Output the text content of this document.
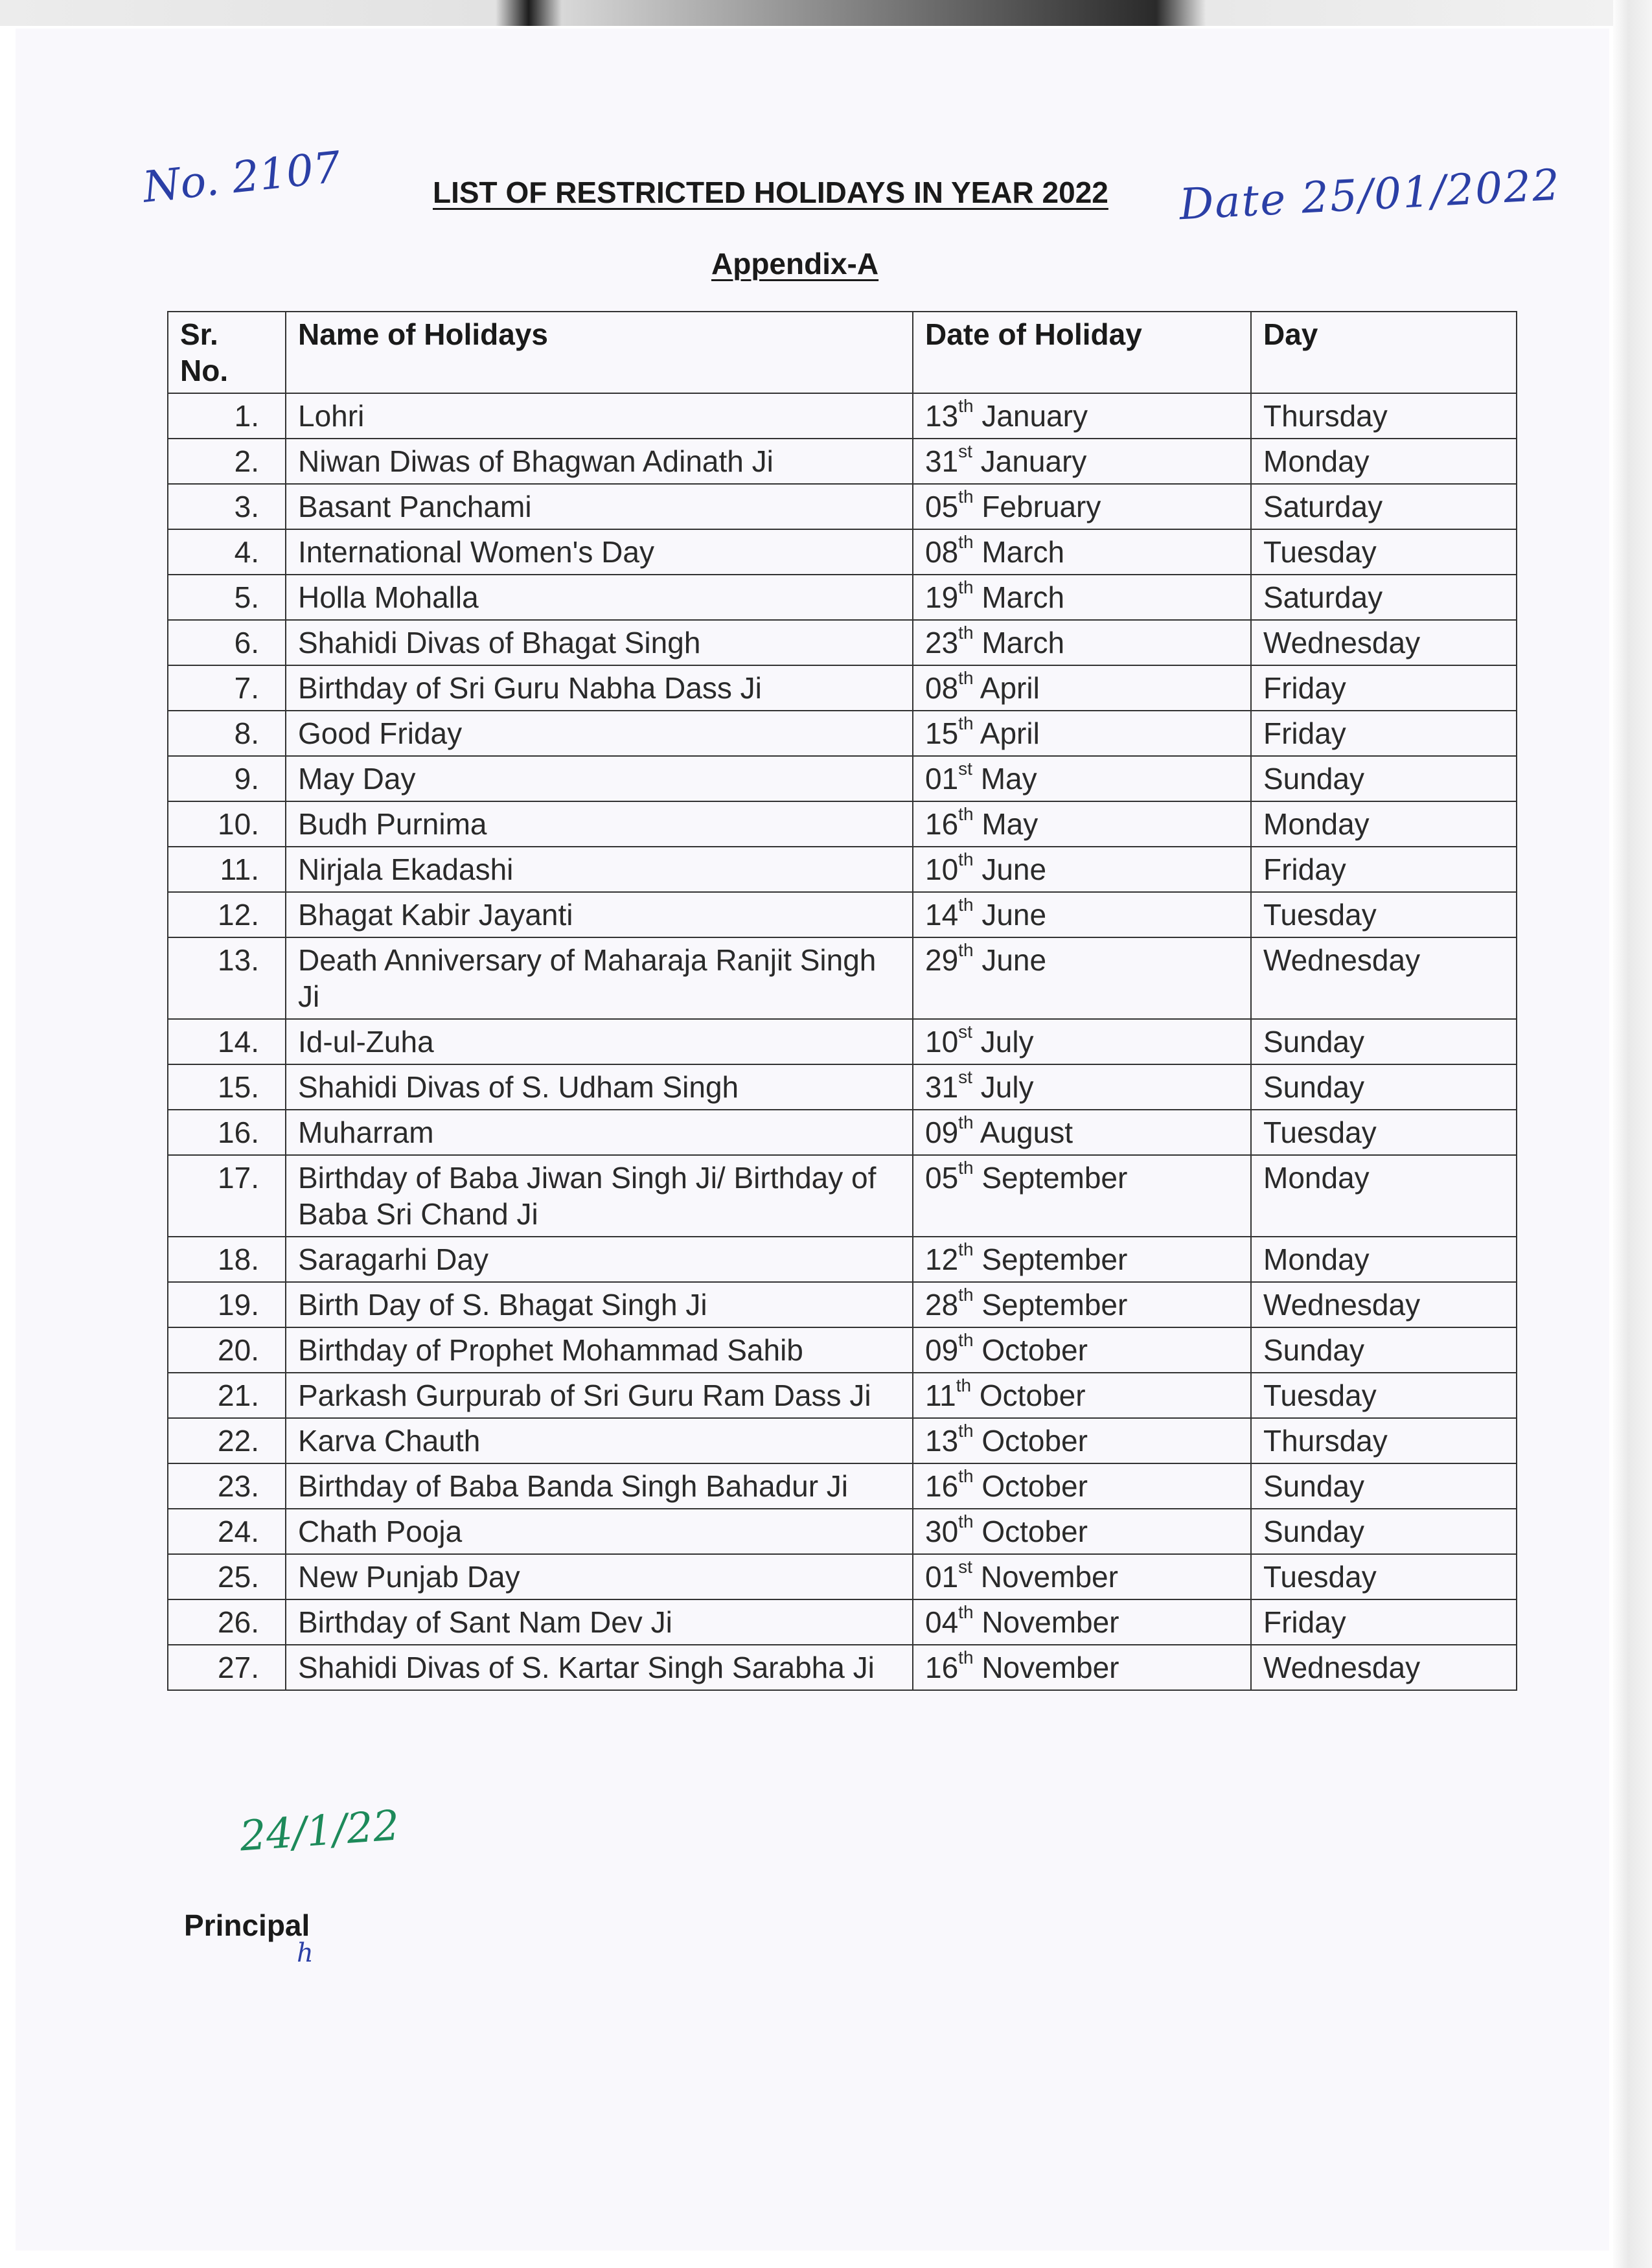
No. 2107	Date 25/01/2022
LIST OF RESTRICTED HOLIDAYS IN YEAR 2022
Appendix-A
Sr. No.	Name of Holidays	Date of Holiday	Day
1.	Lohri	13th January	Thursday
2.	Niwan Diwas of Bhagwan Adinath Ji	31st January	Monday
3.	Basant Panchami	05th February	Saturday
4.	International Women's Day	08th March	Tuesday
5.	Holla Mohalla	19th March	Saturday
6.	Shahidi Divas of Bhagat Singh	23th March	Wednesday
7.	Birthday of Sri Guru Nabha Dass Ji	08th April	Friday
8.	Good Friday	15th April	Friday
9.	May Day	01st May	Sunday
10.	Budh Purnima	16th May	Monday
11.	Nirjala Ekadashi	10th June	Friday
12.	Bhagat Kabir Jayanti	14th June	Tuesday
13.	Death Anniversary of Maharaja Ranjit Singh Ji	29th June	Wednesday
14.	Id-ul-Zuha	10st July	Sunday
15.	Shahidi Divas of S. Udham Singh	31st July	Sunday
16.	Muharram	09th August	Tuesday
17.	Birthday of Baba Jiwan Singh Ji/ Birthday of Baba Sri Chand Ji	05th September	Monday
18.	Saragarhi Day	12th September	Monday
19.	Birth Day of S. Bhagat Singh Ji	28th September	Wednesday
20.	Birthday of Prophet Mohammad Sahib	09th October	Sunday
21.	Parkash Gurpurab of Sri Guru Ram Dass Ji	11th October	Tuesday
22.	Karva Chauth	13th October	Thursday
23.	Birthday of Baba Banda Singh Bahadur Ji	16th October	Sunday
24.	Chath Pooja	30th October	Sunday
25.	New Punjab Day	01st November	Tuesday
26.	Birthday of Sant Nam Dev Ji	04th November	Friday
27.	Shahidi Divas of S. Kartar Singh Sarabha Ji	16th November	Wednesday
24/1/22
Principal
h
